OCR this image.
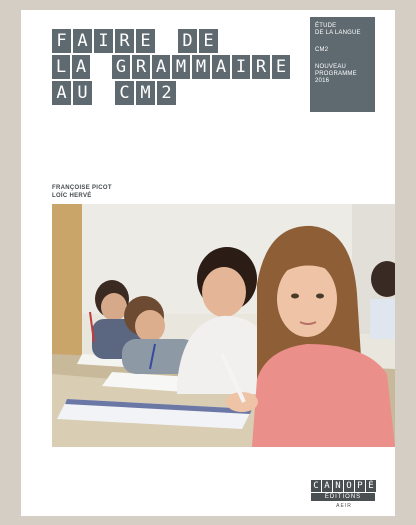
F A I R E D E
L A G R A M M A I R E
A U C M 2
ÉTUDE
DE LA LANGUE
CM2
NOUVEAU
PROGRAMME
2016
FRANÇOISE PICOT
LOÏC HERVÉ
C A N O P É
ÉDITIONS
AEIR
